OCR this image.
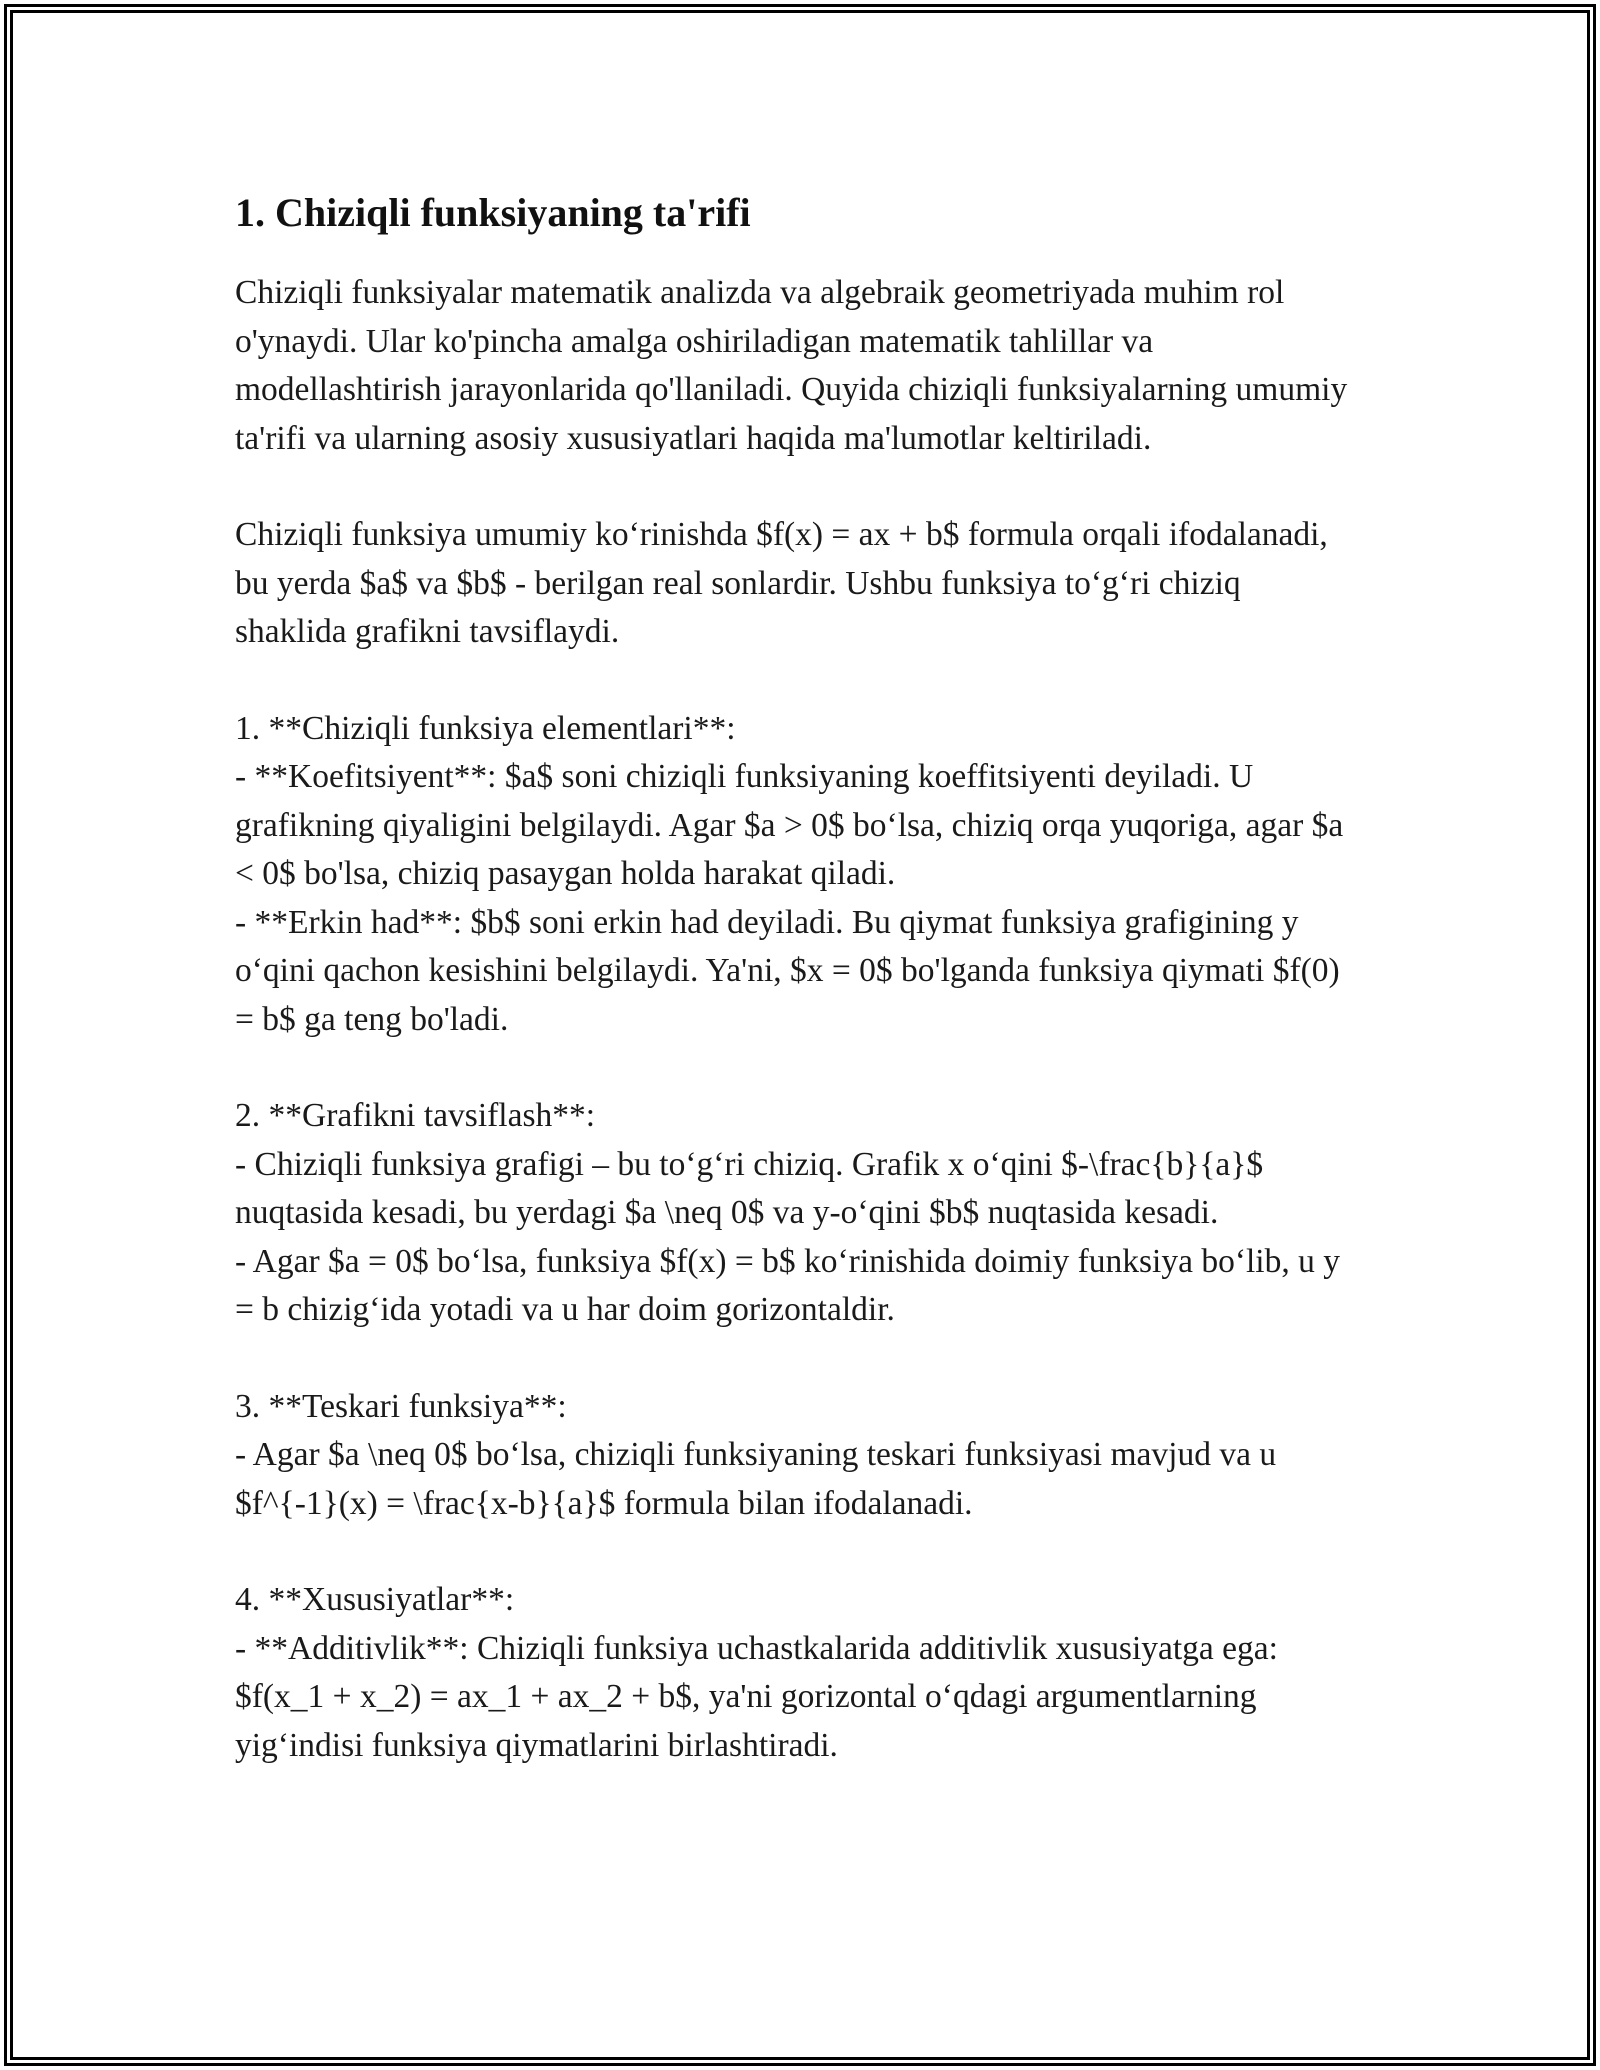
1. Chiziqli funksiyaning ta'rifi

Chiziqli funksiyalar matematik analizda va algebraik geometriyada muhim rol o'ynaydi. Ular ko'pincha amalga oshiriladigan matematik tahlillar va modellashtirish jarayonlarida qo'llaniladi. Quyida chiziqli funksiyalarning umumiy ta'rifi va ularning asosiy xususiyatlari haqida ma'lumotlar keltiriladi.

Chiziqli funksiya umumiy ko‘rinishda $f(x) = ax + b$ formula orqali ifodalanadi, bu yerda $a$ va $b$ - berilgan real sonlardir. Ushbu funksiya to‘g‘ri chiziq shaklida grafikni tavsiflaydi.

1. **Chiziqli funksiya elementlari**:
- **Koefitsiyent**: $a$ soni chiziqli funksiyaning koeffitsiyenti deyiladi. U grafikning qiyaligini belgilaydi. Agar $a > 0$ bo‘lsa, chiziq orqa yuqoriga, agar $a < 0$ bo'lsa, chiziq pasaygan holda harakat qiladi.
- **Erkin had**: $b$ soni erkin had deyiladi. Bu qiymat funksiya grafigining y o‘qini qachon kesishini belgilaydi. Ya'ni, $x = 0$ bo'lganda funksiya qiymati $f(0) = b$ ga teng bo'ladi.

2. **Grafikni tavsiflash**:
- Chiziqli funksiya grafigi – bu to‘g‘ri chiziq. Grafik x o‘qini $-\frac{b}{a}$ nuqtasida kesadi, bu yerdagi $a \neq 0$ va y-o‘qini $b$ nuqtasida kesadi.
- Agar $a = 0$ bo‘lsa, funksiya $f(x) = b$ ko‘rinishida doimiy funksiya bo‘lib, u y = b chizig‘ida yotadi va u har doim gorizontaldir.

3. **Teskari funksiya**:
- Agar $a \neq 0$ bo‘lsa, chiziqli funksiyaning teskari funksiyasi mavjud va u $f^{-1}(x) = \frac{x-b}{a}$ formula bilan ifodalanadi.

4. **Xususiyatlar**:
- **Additivlik**: Chiziqli funksiya uchastkalarida additivlik xususiyatga ega: $f(x_1 + x_2) = ax_1 + ax_2 + b$, ya'ni gorizontal o‘qdagi argumentlarning yig‘indisi funksiya qiymatlarini birlashtiradi.
